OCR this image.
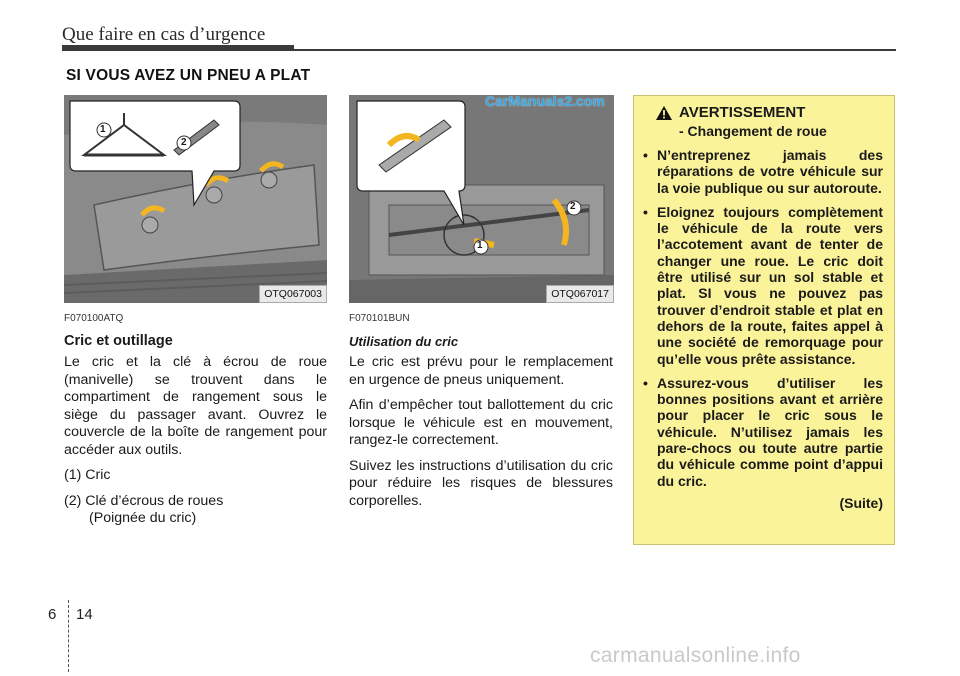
Que faire en cas d’urgence
SI VOUS AVEZ UN PNEU A PLAT
1
2
OTQ067003
1
2
OTQ067017
CarManuals2.com

F070100ATQ

Cric et outillage

Le cric et la clé à écrou de roue (manivelle) se trouvent dans le compartiment de rangement sous le siège du passager avant. Ouvrez le couvercle de la boîte de rangement pour accéder aux outils.

(1) Cric

(2) Clé d’écrous de roues

(Poignée du cric)

F070101BUN

Utilisation du cric

Le cric est prévu pour le remplacement en urgence de pneus uniquement.

Afin d’empêcher tout ballottement du cric lorsque le véhicule est en mouvement, rangez-le correctement.

Suivez les instructions d’utilisation du cric pour réduire les risques de blessures corporelles.

AVERTISSEMENT
- Changement de roue
• N’entreprenez jamais des réparations de votre véhicule sur la voie publique ou sur autoroute.
• Eloignez toujours complètement le véhicule de la route vers l’accotement avant de tenter de changer une roue. Le cric doit être utilisé sur un sol stable et plat. SI vous ne pouvez pas trouver d’endroit stable et plat en dehors de la route, faites appel à une société de remorquage pour qu’elle vous prête assistance.
• Assurez-vous d’utiliser les bonnes positions avant et arrière pour placer le cric sous le véhicule. N’utilisez jamais les pare-chocs ou toute autre partie du véhicule comme point d’appui du cric.
(Suite)
6 14
carmanualsonline.info
